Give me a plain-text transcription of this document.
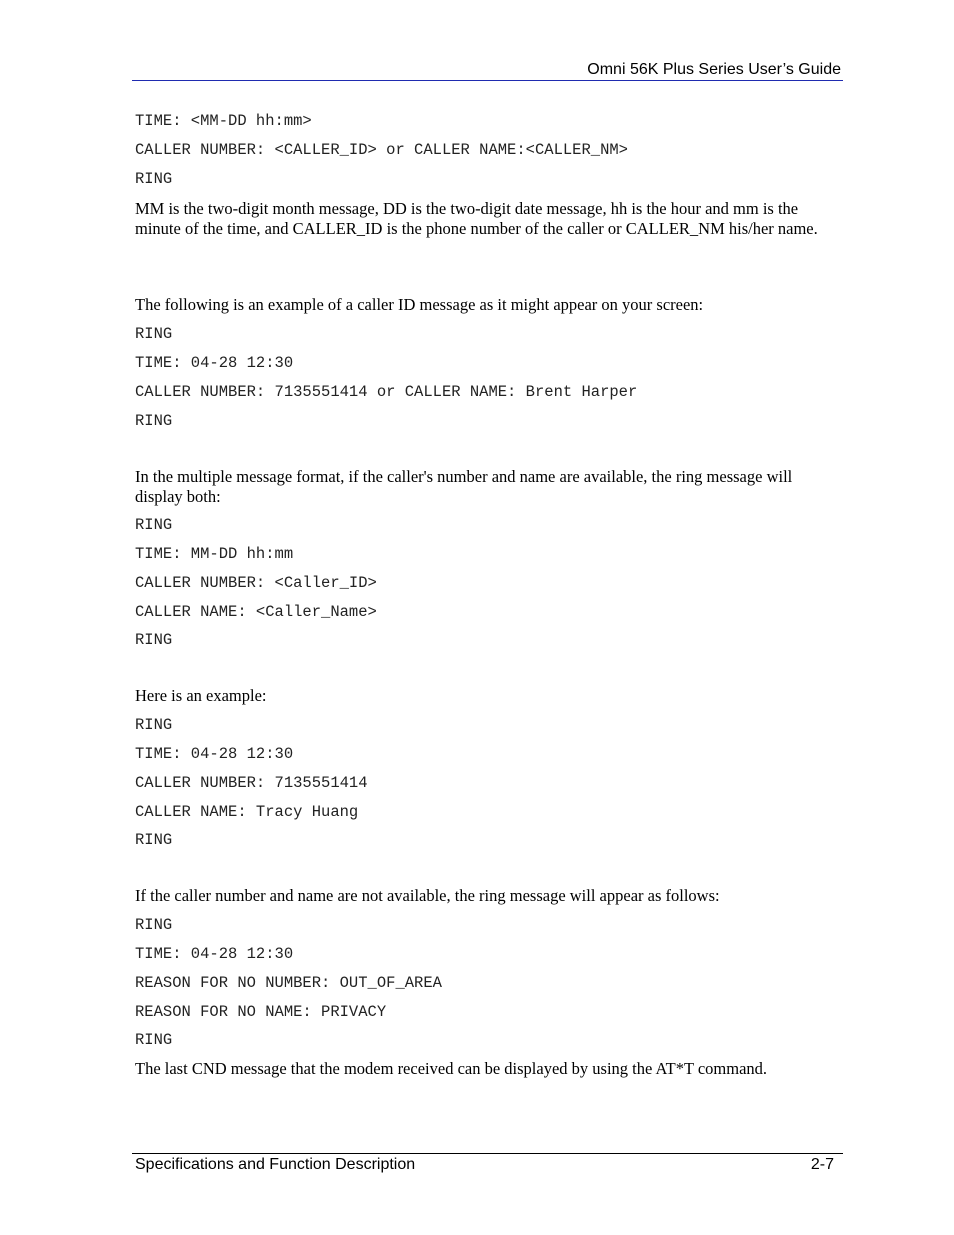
Omni 56K Plus Series User’s Guide
TIME: <MM-DD hh:mm>
CALLER NUMBER: <CALLER_ID> or CALLER NAME:<CALLER_NM>
RING
MM is the two-digit month message, DD is the two-digit date message, hh is the hour and mm is the minute of the time, and CALLER_ID is the phone number of the caller or CALLER_NM his/her name.
The following is an example of a caller ID message as it might appear on your screen:
RING
TIME: 04-28 12:30
CALLER NUMBER: 7135551414 or CALLER NAME: Brent Harper
RING
In the multiple message format, if the caller's number and name are available, the ring message will display both:
RING
TIME: MM-DD hh:mm
CALLER NUMBER: <Caller_ID>
CALLER NAME: <Caller_Name>
RING
Here is an example:
RING
TIME: 04-28 12:30
CALLER NUMBER: 7135551414
CALLER NAME: Tracy Huang
RING
If the caller number and name are not available, the ring message will appear as follows:
RING
TIME: 04-28 12:30
REASON FOR NO NUMBER: OUT_OF_AREA
REASON FOR NO NAME: PRIVACY
RING
The last CND message that the modem received can be displayed by using the AT*T command.
Specifications and Function Description	2-7
